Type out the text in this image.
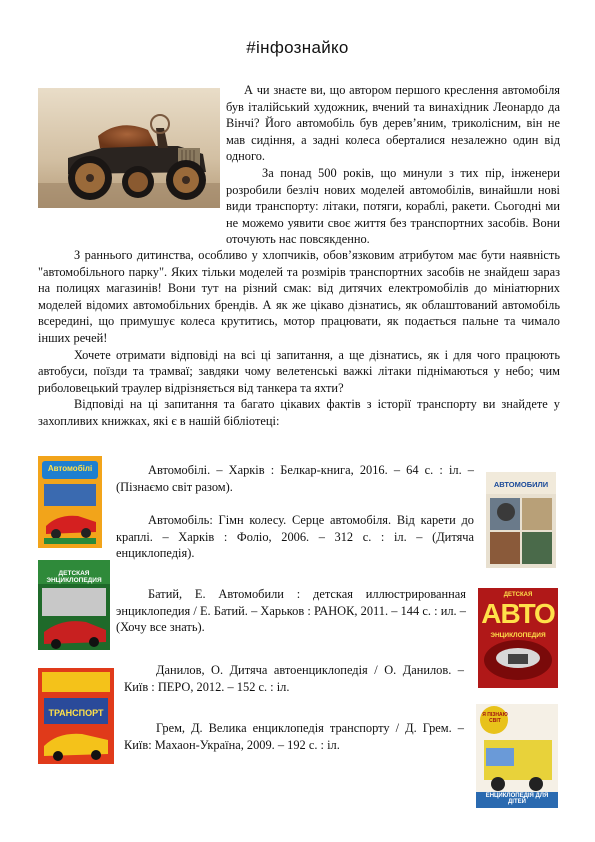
#інфознайко

А чи знаєте ви, що автором першого креслення автомобіля був італійський художник, вчений та винахідник Леонардо да Вінчі? Його автомобіль був дерев’яним, триколісним, він не мав сидіння, а задні колеса оберталися незалежно один від одного.

За понад 500 років, що минули з тих пір, інженери розробили безліч нових моделей автомобілів, винайшли нові види транспорту: літаки, потяги, кораблі, ракети. Сьогодні ми не можемо уявити своє життя без транспортних засобів. Вони оточують нас повсякденно.

З раннього дитинства, особливо у хлопчиків, обов’язковим атрибутом має бути наявність "автомобільного парку". Яких тільки моделей та розмірів транспортних засобів не знайдеш зараз на полицях магазинів! Вони тут на різний смак: від дитячих електромобілів до мініатюрних моделей відомих автомобільних брендів. А як же цікаво дізнатись, як облаштований автомобіль всередині, що примушує колеса крутитись, мотор працювати, як подається пальне та чимало інших речей!

Хочете отримати відповіді на всі ці запитання, а ще дізнатись, як і для чого працюють автобуси, поїзди та трамваї; завдяки чому велетенські важкі літаки піднімаються у небо; чим риболовецький траулер відрізняється від танкера та яхти?

Відповіді на ці запитання та багато цікавих фактів з історії транспорту ви знайдете у захопливих книжках, які є в нашій бібліотеці:

Автомобілі
АВТОМОБИЛИ
ДЕТСКАЯ ЭНЦИКЛОПЕДИЯ
ДЕТСКАЯ
АВТО
ЭНЦИКЛОПЕДИЯ
ТРАНСПОРТ	Я ПІЗНАЮ СВІТ
ЕНЦИКЛОПЕДІЯ ДЛЯ ДІТЕЙ

Автомобілі. – Харків : Белкар-книга, 2016. – 64 с. : іл. – (Пізнаємо світ разом).

Автомобіль: Гімн колесу. Серце автомобіля. Від карети до краплі. – Харків : Фоліо, 2006. – 312 с. : іл. – (Дитяча енциклопедія).

Батий, Е. Автомобили : детская иллюстрированная энциклопедия / Е. Батий. – Харьков : РАНОК, 2011. – 144 с. : ил. – (Хочу все знать).

Данилов, О. Дитяча автоенциклопедія / О. Данилов. – Київ : ПЕРО, 2012. – 152 с. : іл.

Грем, Д. Велика енциклопедія транспорту / Д. Грем. – Київ: Махаон-Україна, 2009. – 192 с. : іл.
